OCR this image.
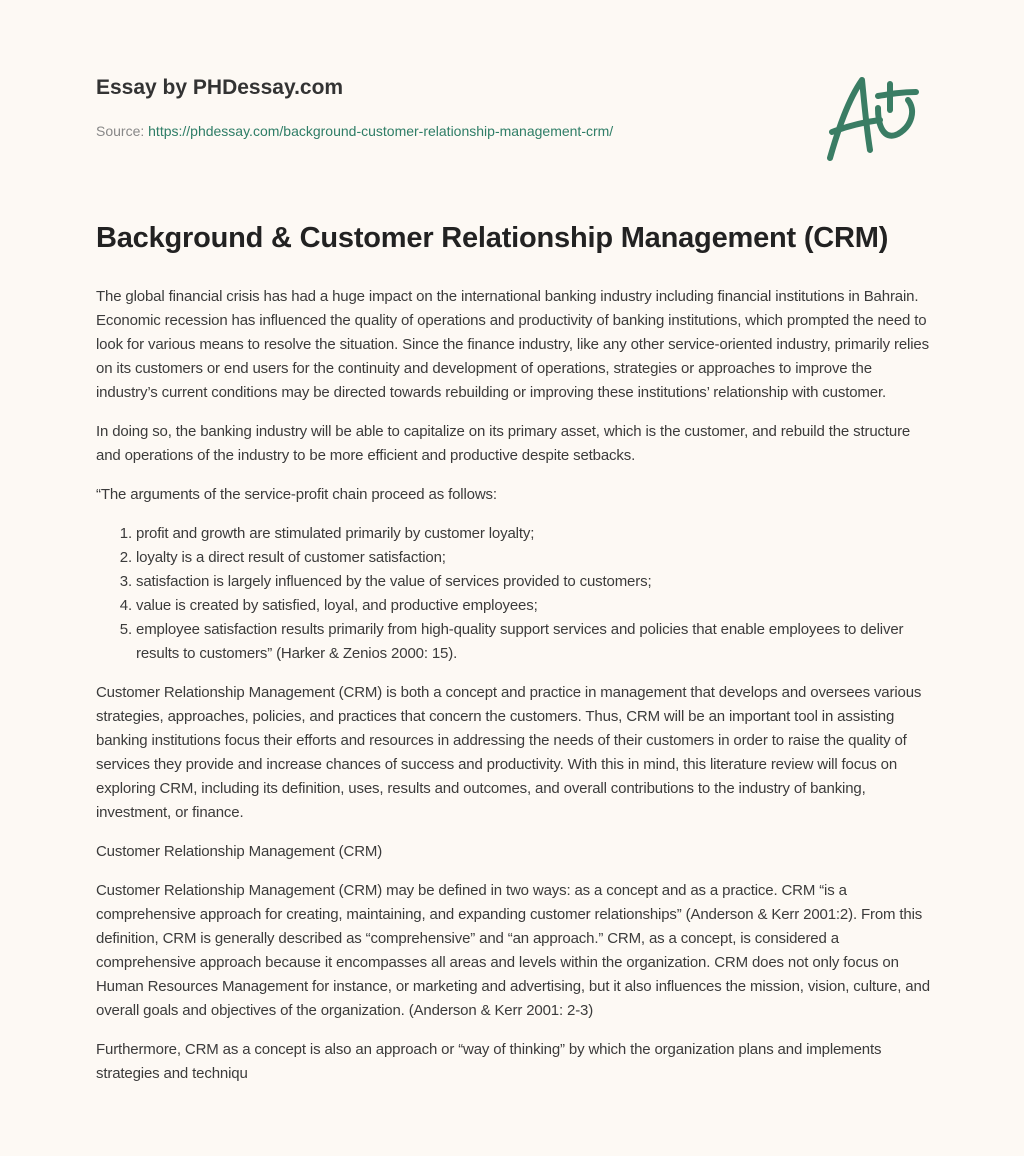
Essay by PHDessay.com
Source: https://phdessay.com/background-customer-relationship-management-crm/
Background & Customer Relationship Management (CRM)

The global financial crisis has had a huge impact on the international banking industry including financial institutions in Bahrain. Economic recession has influenced the quality of operations and productivity of banking institutions, which prompted the need to look for various means to resolve the situation. Since the finance industry, like any other service-oriented industry, primarily relies on its customers or end users for the continuity and development of operations, strategies or approaches to improve the industry’s current conditions may be directed towards rebuilding or improving these institutions’ relationship with customer.

In doing so, the banking industry will be able to capitalize on its primary asset, which is the customer, and rebuild the structure and operations of the industry to be more efficient and productive despite setbacks.

“The arguments of the service-profit chain proceed as follows:

1. profit and growth are stimulated primarily by customer loyalty;
2. loyalty is a direct result of customer satisfaction;
3. satisfaction is largely influenced by the value of services provided to customers;
4. value is created by satisfied, loyal, and productive employees;
5. employee satisfaction results primarily from high-quality support services and policies that enable employees to deliver results to customers” (Harker & Zenios 2000: 15).

Customer Relationship Management (CRM) is both a concept and practice in management that develops and oversees various strategies, approaches, policies, and practices that concern the customers. Thus, CRM will be an important tool in assisting banking institutions focus their efforts and resources in addressing the needs of their customers in order to raise the quality of services they provide and increase chances of success and productivity. With this in mind, this literature review will focus on exploring CRM, including its definition, uses, results and outcomes, and overall contributions to the industry of banking, investment, or finance.

Customer Relationship Management (CRM)

Customer Relationship Management (CRM) may be defined in two ways: as a concept and as a practice. CRM “is a comprehensive approach for creating, maintaining, and expanding customer relationships” (Anderson & Kerr 2001:2). From this definition, CRM is generally described as “comprehensive” and “an approach.” CRM, as a concept, is considered a comprehensive approach because it encompasses all areas and levels within the organization. CRM does not only focus on Human Resources Management for instance, or marketing and advertising, but it also influences the mission, vision, culture, and overall goals and objectives of the organization. (Anderson & Kerr 2001: 2-3)

Furthermore, CRM as a concept is also an approach or “way of thinking” by which the organization plans and implements strategies and techniqu
